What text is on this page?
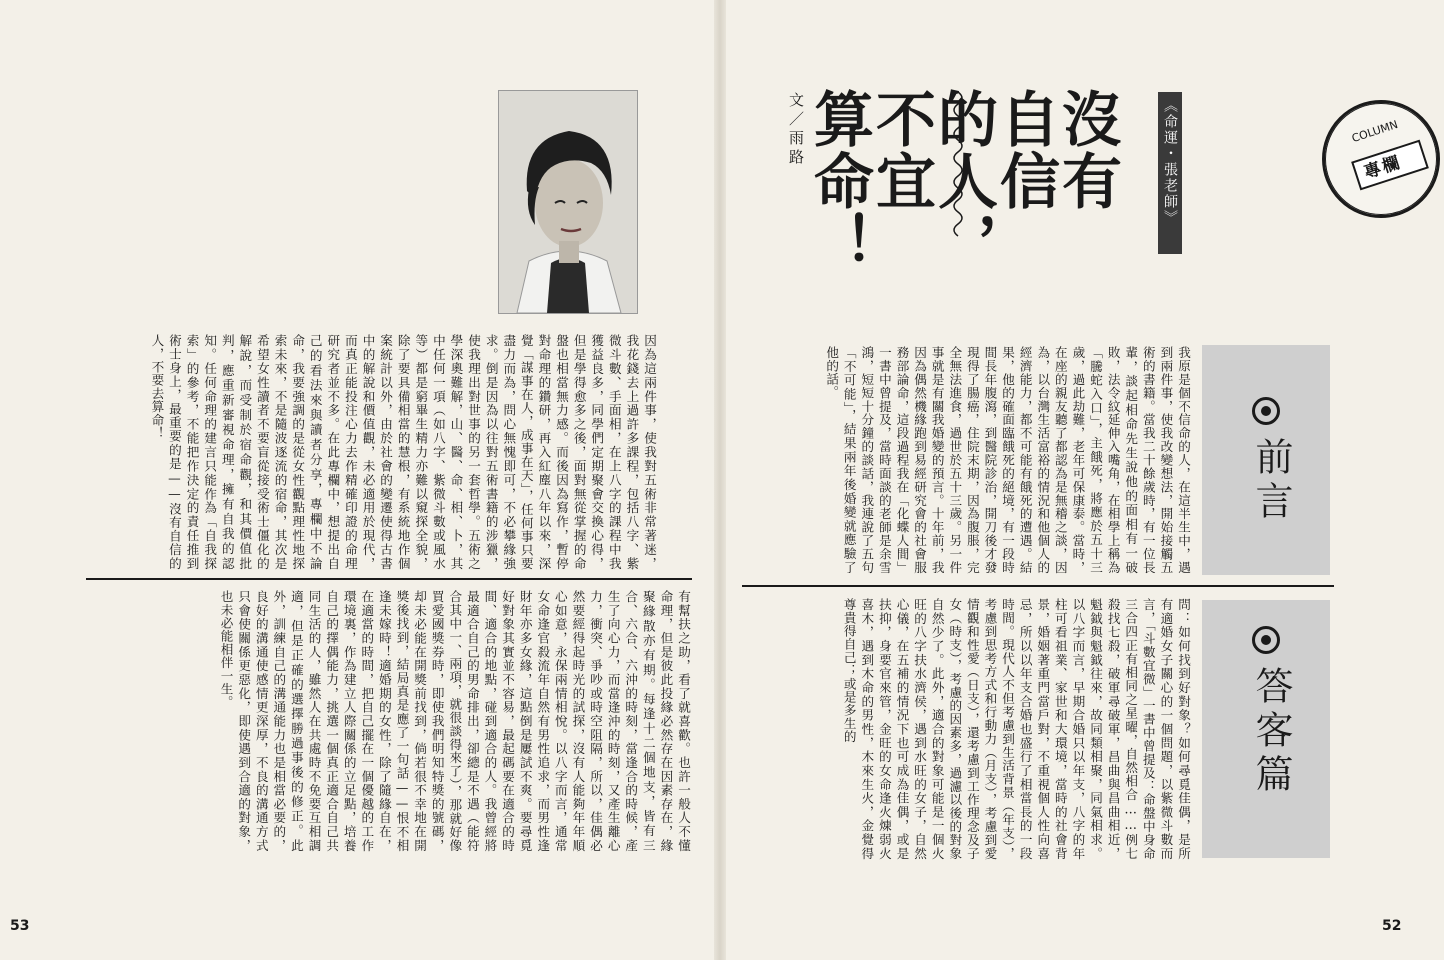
COLUMN
專欄
《命運・張老師》
沒有
自信
的人，
不宜
算命！
文／雨路
前言
答客篇
我原是個不信命的人，在這半生中，遇到兩件事，使我改變想法，開始接觸五術的書籍。當我二十餘歲時，有一位長輩，談起相命先生說他的面相有一破敗，法令紋延伸入嘴角，在相學上稱為「騰蛇入口」，主餓死，將應於五十三歲，過此劫難，老年可保康泰。當時，在座的親友聽了都認為是無稽之談，因為，以台灣生活富裕的情況和他個人的經濟能力，都不可能有餓死的遭遇。結果，他的確面臨餓死的絕境，有一段時間長年腹瀉，到醫院診治，開刀後才發現得了腸癌，住院末期，因為腹脹，完全無法進食，過世於五十三歲。另一件事就是有關我婚變的預言。十年前，我因為偶然機緣跑到易經研究會的社會服務部論命，這段過程我在「化蝶人間」一書中曾提及，當時面談的老師是余雪鴻，短短十分鐘的談話，我連說了五句「不可能」，結果兩年後婚變就應驗了他的話。
因為這兩件事，使我對五術非常著迷，我花錢去上過許多課程，包括八字、紫微斗數、手面相，在上八字的課程中我獲益良多，同學們定期聚會交換心得，但是學得愈多之後，面對無從掌握的命盤也相當無力感。而後因為寫作，暫停對命理的鑽研，再入紅塵八年以來，深覺「謀事在人，成事在天」，任何事只要盡力而為，問心無愧即可，不必攀緣強求。倒是因為以往對五術書籍的涉獵，使我理出對世事的另一套哲學。五術之學深奧難解，山、醫、命、相、卜，其中任何一項（如八字、紫微斗數或風水等）都是窮畢生精力亦難以窺探全貌，除了要具備相當的慧根，有系統地作個案統計以外，由於社會的變遷使得古書中的解說和價值觀，未必適用於現代，而真正能投注心力去作精確印證的命理研究者並不多。在此專欄中，想提出自己的看法來與讀者分享，專欄中不論命，我要強調的是從女性觀點理性地探索未來，不是隨波逐流的宿命，其次是希望女性讀者不要盲從接受術士僵化的解說，而受制於宿命觀，和其價值批判，應重新審視命理，擁有自我的認知。任何命理的建言只能作為「自我探索」的參考，不能把作決定的責任推到術士身上，最重要的是——沒有自信的人，不要去算命！
問：如何找到好對象？如何尋覓佳偶，是所有適婚女子關心的一個問題，以紫微斗數而言，「斗數宜微」一書中曾提及：命盤中身命三合四正有相同之星曜，自然相合……例七殺找七殺，破軍尋破軍，昌曲與昌曲相近，魁鉞與魁鉞往來，故同類相聚，同氣相求。以八字而言，早期合婚只以年支，八字的年柱可看祖業、家世和大環境，當時的社會背景，婚姻著重門當戶對，不重視個人性向喜忌，所以以年支合婚也盛行了相當長的一段時間。現代人不但考慮到生活背景（年支），考慮到思考方式和行動力（月支），考慮到愛情觀和性愛（日支），還考慮到工作理念及子女（時支），考慮的因素多，過濾以後的對象自然少了。此外，適合的對象可能是一個火旺的八字扶水濟侯，遇到水旺的女子，自然心儀，在五補的情況下也可成為佳偶，或是扶抑，身要官來管，金旺的女命逢火煉弱火喜木，遇到木命的男性，木來生火，金覺得尊貴得自己；或是多生的
有幫扶之助，看了就喜歡。也許一般人不懂命理，但是彼此投緣必然存在因素存在，緣聚緣散亦有期。每逢十二個地支，皆有三合、六合、六沖的時刻，當逢合的時候，產生了向心力，而當逢沖的時刻，又產生離心力，衝突、爭吵或時空阻隔，所以，佳偶必然要經得起時光的試探，沒有人能夠年年順心如意，永保兩情相悅。以八字而言，通常女命逢官殺流年自然有男性追求，而男性逢財年亦多女緣，這點倒是屢試不爽。要尋覓好對象其實並不容易，最起碼要在適合的時間、適合的地點，碰到適合的人。我曾經將最適合自己的男命排出，卻總是不遇（能符合其中一、兩項，就很談得來了），那就好像買愛國獎券時，即使我們明知特獎的號碼，却未必能在開獎前找到，倘若很不幸地在開獎後找到，結局真是應了一句話——恨不相逢未嫁時！適婚期的女性，除了隨緣自在，在適當的時間，把自己擺在一個優越的工作環境裏，作為建立人際關係的立足點，培養自己的擇偶能力，挑選一個真正適合自己共同生活的人，雖然人在共處時不免要互相調適，但是正確的選擇勝過事後的修正。此外，訓練自己的溝通能力也是相當必要的，良好的溝通使感情更深厚，不良的溝通方式只會使關係更惡化，即使遇到合適的對象，也未必能相伴一生。
53	52
